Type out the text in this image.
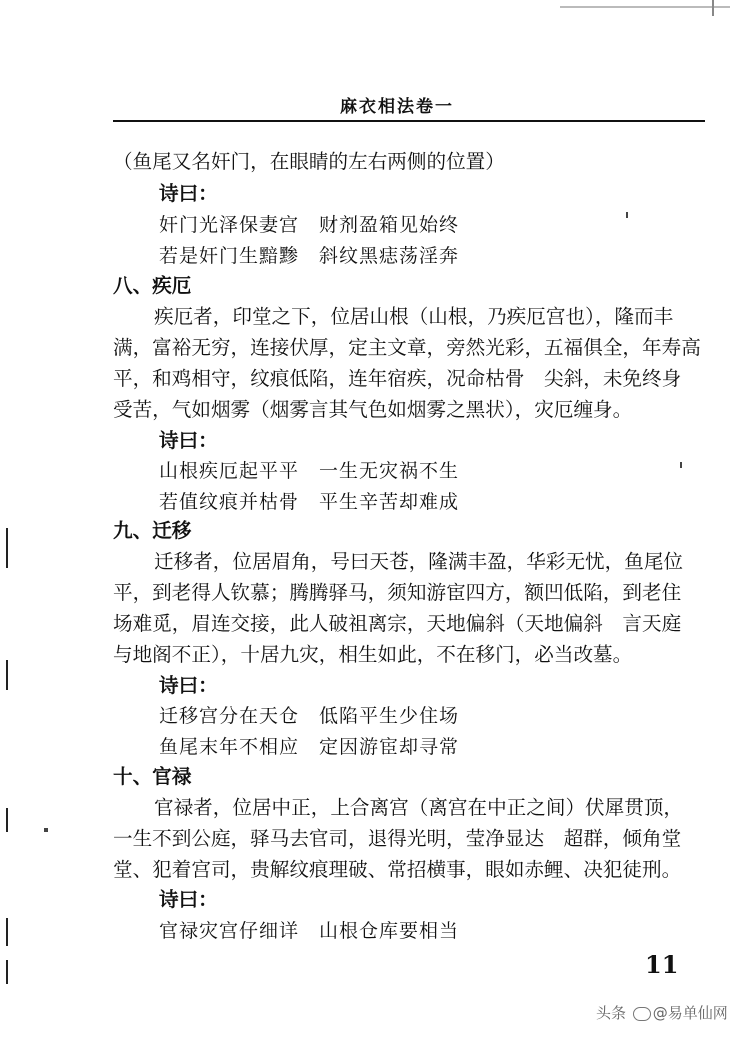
麻衣相法卷一
（鱼尾又名奸门，在眼睛的左右两侧的位置）
诗曰：
奸门光泽保妻宫　财剂盈箱见始终
若是奸门生黯黪　斜纹黑痣荡淫奔
八、疾厄
疾厄者，印堂之下，位居山根（山根，乃疾厄宫也），隆而丰
满，富裕无穷，连接伏厚，定主文章，旁然光彩，五福俱全，年寿高
平，和鸡相守，纹痕低陷，连年宿疾，况命枯骨　尖斜，未免终身
受苦，气如烟雾（烟雾言其气色如烟雾之黑状），灾厄缠身。
诗曰：
山根疾厄起平平　一生无灾祸不生
若值纹痕并枯骨　平生辛苦却难成
九、迁移
迁移者，位居眉角，号曰天苍，隆满丰盈，华彩无忧，鱼尾位
平，到老得人钦慕；腾腾驿马，须知游宦四方，额凹低陷，到老住
场难觅，眉连交接，此人破祖离宗，天地偏斜（天地偏斜　言天庭
与地阁不正），十居九灾，相生如此，不在移门，必当改墓。
诗曰：
迁移宫分在天仓　低陷平生少住场
鱼尾末年不相应　定因游宦却寻常
十、官禄
官禄者，位居中正，上合离宫（离宫在中正之间）伏犀贯顶，
一生不到公庭，驿马去官司，退得光明，莹净显达　超群，倾角堂
堂、犯着宫司，贵解纹痕理破、常招横事，眼如赤鲤、决犯徒刑。
诗曰：
官禄灾宫仔细详　山根仓库要相当
11
头条 @易单仙网
